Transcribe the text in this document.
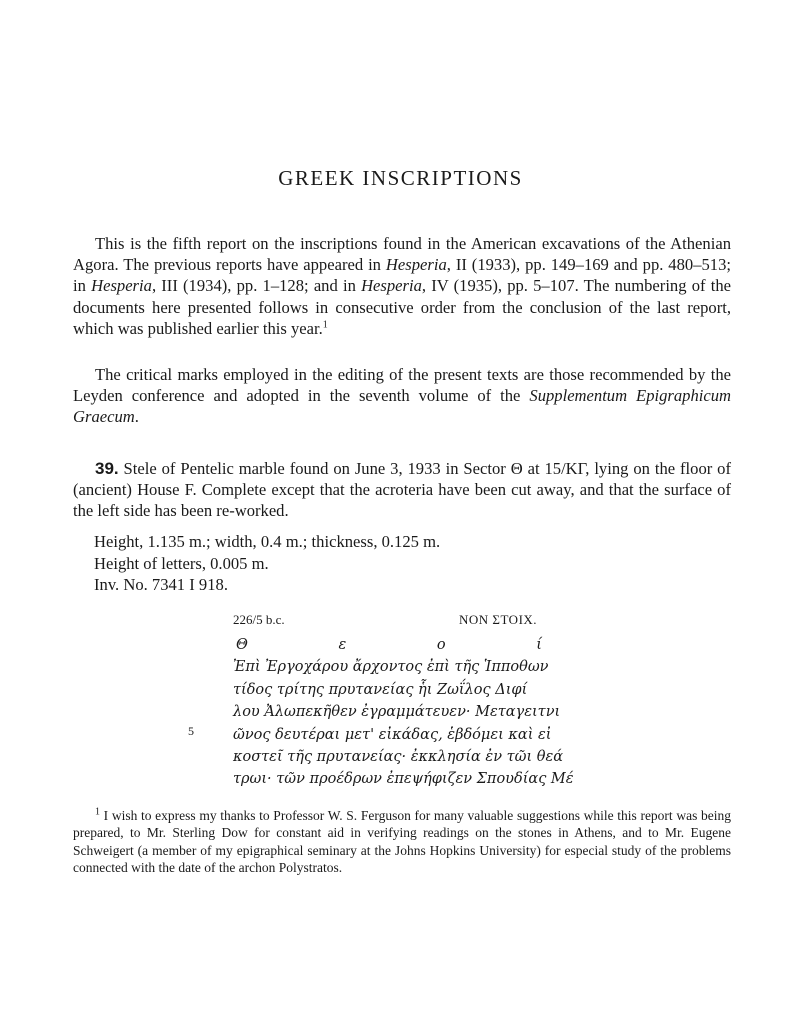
GREEK INSCRIPTIONS
This is the fifth report on the inscriptions found in the American excavations of the Athenian Agora. The previous reports have appeared in Hesperia, II (1933), pp. 149–169 and pp. 480–513; in Hesperia, III (1934), pp. 1–128; and in Hesperia, IV (1935), pp. 5–107. The numbering of the documents here presented follows in consecutive order from the conclusion of the last report, which was published earlier this year.$^1$
The critical marks employed in the editing of the present texts are those recommended by the Leyden conference and adopted in the seventh volume of the Supplementum Epigraphicum Graecum.
39. Stele of Pentelic marble found on June 3, 1933 in Sector Θ at 15/ΚΓ, lying on the floor of (ancient) House F. Complete except that the acroteria have been cut away, and that the surface of the left side has been re-worked.
Height, 1.135 m.; width, 0.4 m.; thickness, 0.125 m.
Height of letters, 0.005 m.
Inv. No. 7341 I 918.
226/5 b.c.	NON ΣΤΟΙΧ.
Θ	ε	ο	ί
Ἐπὶ Ἐργοχάρου ἄρχοντος ἐπὶ τῆς Ἱπποθων
τίδος τρίτης πρυτανείας ἧι Ζωΐλος Διφί
λου Ἀλωπεκῆθεν ἐγραμμάτευεν· Μεταγειτνι
ῶνος δευτέραι μετ' εἰκάδας, ἑβδόμει καὶ εἰ
κοστεῖ τῆς πρυτανείας· ἐκκλησία ἐν τῶι θεά
τρωι· τῶν προέδρων ἐπεψήφιζεν Σπουδίας Μέ
5
$^1$ I wish to express my thanks to Professor W. S. Ferguson for many valuable suggestions while this report was being prepared, to Mr. Sterling Dow for constant aid in verifying readings on the stones in Athens, and to Mr. Eugene Schweigert (a member of my epigraphical seminary at the Johns Hopkins University) for especial study of the problems connected with the date of the archon Polystratos.
